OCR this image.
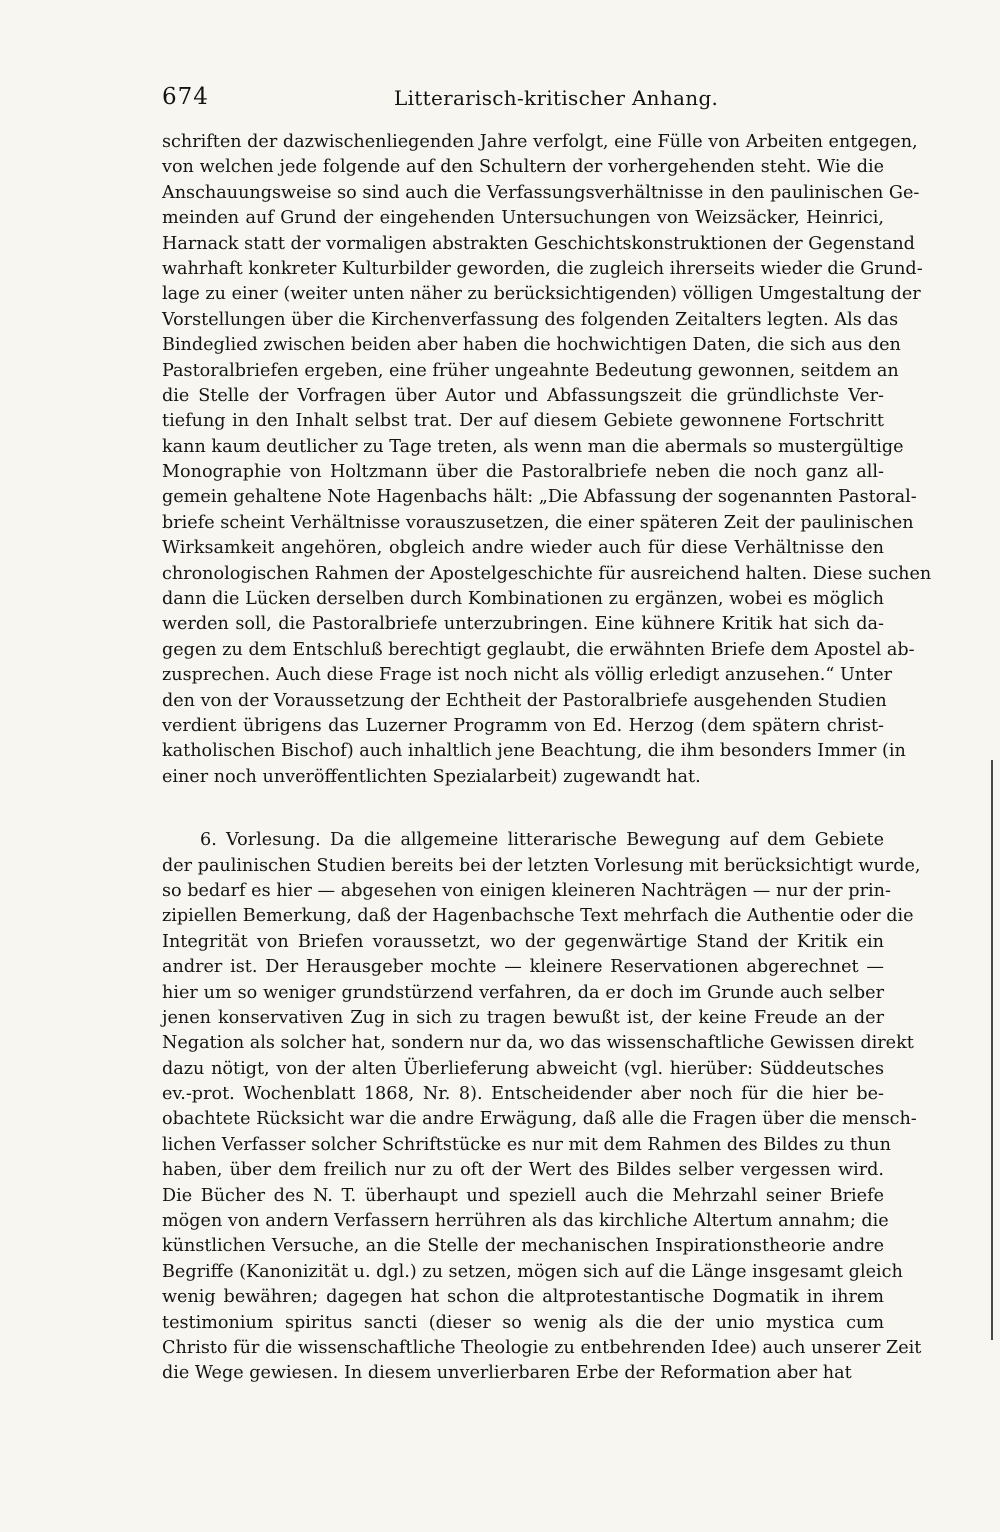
674	Litterarisch-kritischer Anhang.
schriften der dazwischenliegenden Jahre verfolgt, eine Fülle von Arbeiten entgegen,
von welchen jede folgende auf den Schultern der vorhergehenden steht. Wie die
Anschauungsweise so sind auch die Verfassungsverhältnisse in den paulinischen Ge-
meinden auf Grund der eingehenden Untersuchungen von Weizsäcker, Heinrici,
Harnack statt der vormaligen abstrakten Geschichtskonstruktionen der Gegenstand
wahrhaft konkreter Kulturbilder geworden, die zugleich ihrerseits wieder die Grund-
lage zu einer (weiter unten näher zu berücksichtigenden) völligen Umgestaltung der
Vorstellungen über die Kirchenverfassung des folgenden Zeitalters legten. Als das
Bindeglied zwischen beiden aber haben die hochwichtigen Daten, die sich aus den
Pastoralbriefen ergeben, eine früher ungeahnte Bedeutung gewonnen, seitdem an
die Stelle der Vorfragen über Autor und Abfassungszeit die gründlichste Ver-
tiefung in den Inhalt selbst trat. Der auf diesem Gebiete gewonnene Fortschritt
kann kaum deutlicher zu Tage treten, als wenn man die abermals so mustergültige
Monographie von Holtzmann über die Pastoralbriefe neben die noch ganz all-
gemein gehaltene Note Hagenbachs hält: „Die Abfassung der sogenannten Pastoral-
briefe scheint Verhältnisse vorauszusetzen, die einer späteren Zeit der paulinischen
Wirksamkeit angehören, obgleich andre wieder auch für diese Verhältnisse den
chronologischen Rahmen der Apostelgeschichte für ausreichend halten. Diese suchen
dann die Lücken derselben durch Kombinationen zu ergänzen, wobei es möglich
werden soll, die Pastoralbriefe unterzubringen. Eine kühnere Kritik hat sich da-
gegen zu dem Entschluß berechtigt geglaubt, die erwähnten Briefe dem Apostel ab-
zusprechen. Auch diese Frage ist noch nicht als völlig erledigt anzusehen.“ Unter
den von der Voraussetzung der Echtheit der Pastoralbriefe ausgehenden Studien
verdient übrigens das Luzerner Programm von Ed. Herzog (dem spätern christ-
katholischen Bischof) auch inhaltlich jene Beachtung, die ihm besonders Immer (in
einer noch unveröffentlichten Spezialarbeit) zugewandt hat.
6. Vorlesung. Da die allgemeine litterarische Bewegung auf dem Gebiete
der paulinischen Studien bereits bei der letzten Vorlesung mit berücksichtigt wurde,
so bedarf es hier — abgesehen von einigen kleineren Nachträgen — nur der prin-
zipiellen Bemerkung, daß der Hagenbachsche Text mehrfach die Authentie oder die
Integrität von Briefen voraussetzt, wo der gegenwärtige Stand der Kritik ein
andrer ist. Der Herausgeber mochte — kleinere Reservationen abgerechnet —
hier um so weniger grundstürzend verfahren, da er doch im Grunde auch selber
jenen konservativen Zug in sich zu tragen bewußt ist, der keine Freude an der
Negation als solcher hat, sondern nur da, wo das wissenschaftliche Gewissen direkt
dazu nötigt, von der alten Überlieferung abweicht (vgl. hierüber: Süddeutsches
ev.-prot. Wochenblatt 1868, Nr. 8). Entscheidender aber noch für die hier be-
obachtete Rücksicht war die andre Erwägung, daß alle die Fragen über die mensch-
lichen Verfasser solcher Schriftstücke es nur mit dem Rahmen des Bildes zu thun
haben, über dem freilich nur zu oft der Wert des Bildes selber vergessen wird.
Die Bücher des N. T. überhaupt und speziell auch die Mehrzahl seiner Briefe
mögen von andern Verfassern herrühren als das kirchliche Altertum annahm; die
künstlichen Versuche, an die Stelle der mechanischen Inspirationstheorie andre
Begriffe (Kanonizität u. dgl.) zu setzen, mögen sich auf die Länge insgesamt gleich
wenig bewähren; dagegen hat schon die altprotestantische Dogmatik in ihrem
testimonium spiritus sancti (dieser so wenig als die der unio mystica cum
Christo für die wissenschaftliche Theologie zu entbehrenden Idee) auch unserer Zeit
die Wege gewiesen. In diesem unverlierbaren Erbe der Reformation aber hat
